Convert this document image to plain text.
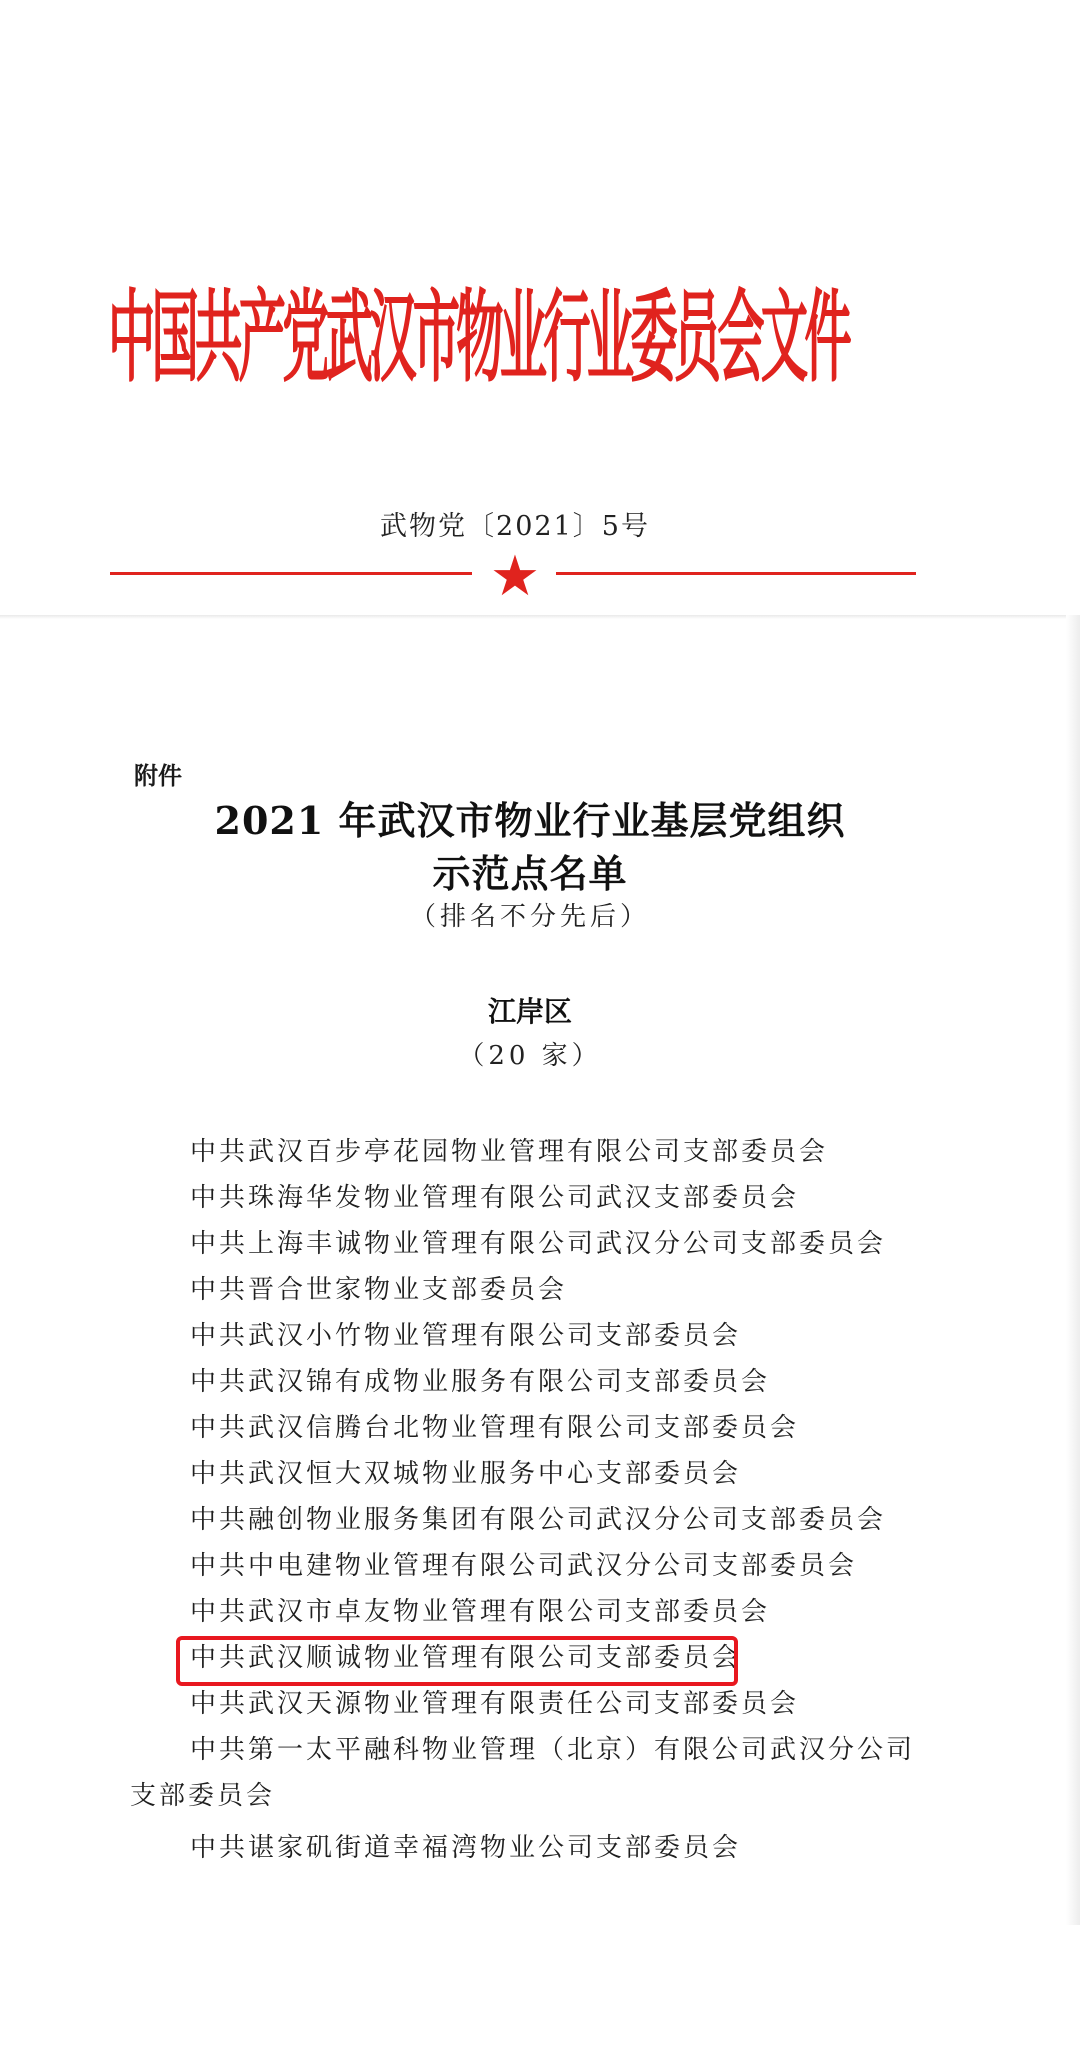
中国共产党武汉市物业行业委员会文件
武物党〔2021〕5号
★
附件
2021 年武汉市物业行业基层党组织
示范点名单
（排名不分先后）
江岸区
（20 家）
中共武汉百步亭花园物业管理有限公司支部委员会
中共珠海华发物业管理有限公司武汉支部委员会
中共上海丰诚物业管理有限公司武汉分公司支部委员会
中共晋合世家物业支部委员会
中共武汉小竹物业管理有限公司支部委员会
中共武汉锦有成物业服务有限公司支部委员会
中共武汉信腾台北物业管理有限公司支部委员会
中共武汉恒大双城物业服务中心支部委员会
中共融创物业服务集团有限公司武汉分公司支部委员会
中共中电建物业管理有限公司武汉分公司支部委员会
中共武汉市卓友物业管理有限公司支部委员会
中共武汉顺诚物业管理有限公司支部委员会
中共武汉天源物业管理有限责任公司支部委员会
中共第一太平融科物业管理（北京）有限公司武汉分公司支部委员会
中共谌家矶街道幸福湾物业公司支部委员会
